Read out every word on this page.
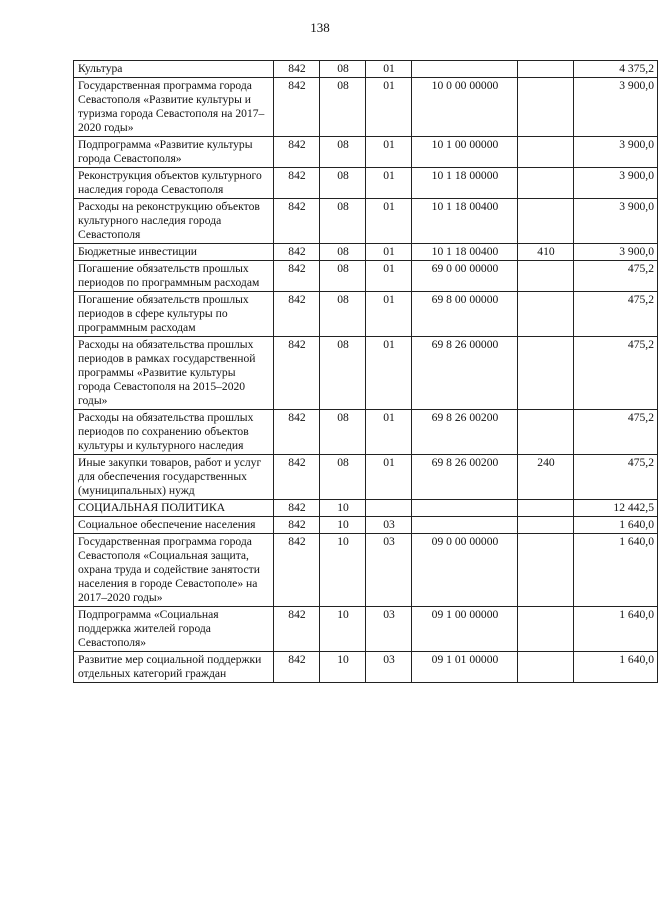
138
Культура	842	08	01			4 375,2
Государственная программа города Севастополя «Развитие культуры и туризма города Севастополя на 2017–2020 годы»	842	08	01	10 0 00 00000		3 900,0
Подпрограмма «Развитие культуры города Севастополя»	842	08	01	10 1 00 00000		3 900,0
Реконструкция объектов культурного наследия города Севастополя	842	08	01	10 1 18 00000		3 900,0
Расходы на реконструкцию объектов культурного наследия города Севастополя	842	08	01	10 1 18 00400		3 900,0
Бюджетные инвестиции	842	08	01	10 1 18 00400	410	3 900,0
Погашение обязательств прошлых периодов по программным расходам	842	08	01	69 0 00 00000		475,2
Погашение обязательств прошлых периодов в сфере культуры по программным расходам	842	08	01	69 8 00 00000		475,2
Расходы на обязательства прошлых периодов в рамках государственной программы «Развитие культуры города Севастополя на 2015–2020 годы»	842	08	01	69 8 26 00000		475,2
Расходы на обязательства прошлых периодов по сохранению объектов культуры и культурного наследия	842	08	01	69 8 26 00200		475,2
Иные закупки товаров, работ и услуг для обеспечения государственных (муниципальных) нужд	842	08	01	69 8 26 00200	240	475,2
СОЦИАЛЬНАЯ ПОЛИТИКА	842	10				12 442,5
Социальное обеспечение населения	842	10	03			1 640,0
Государственная программа города Севастополя «Социальная защита, охрана труда и содействие занятости населения в городе Севастополе» на 2017–2020 годы»	842	10	03	09 0 00 00000		1 640,0
Подпрограмма «Социальная поддержка жителей города Севастополя»	842	10	03	09 1 00 00000		1 640,0
Развитие мер социальной поддержки отдельных категорий граждан	842	10	03	09 1 01 00000		1 640,0
